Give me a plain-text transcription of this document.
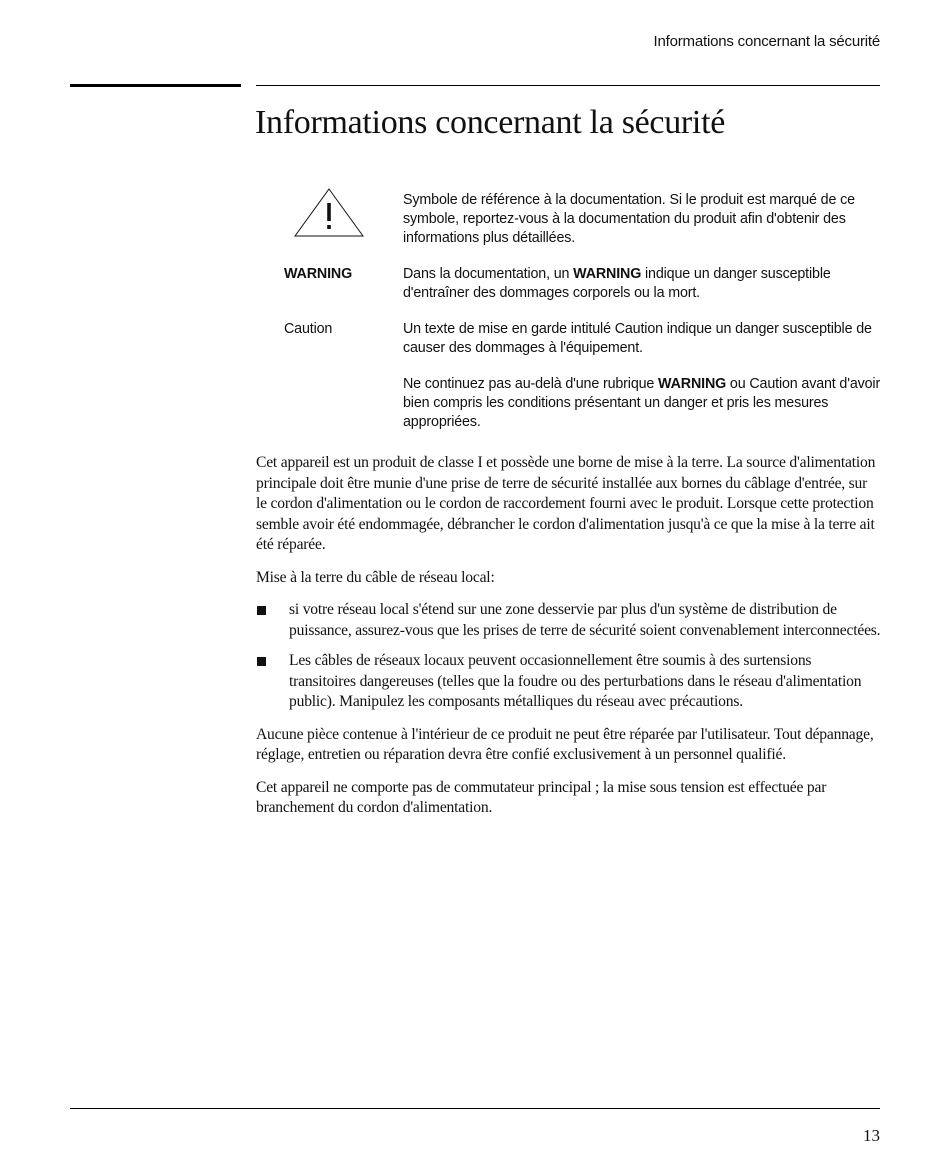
Informations concernant la sécurité
Informations concernant la sécurité
Symbole de référence à la documentation. Si le produit est marqué de ce symbole, reportez-vous à la documentation du produit afin d'obtenir des informations plus détaillées.
WARNING	Dans la documentation, un WARNING indique un danger susceptible d'entraîner des dommages corporels ou la mort.
Caution	Un texte de mise en garde intitulé Caution indique un danger susceptible de causer des dommages à l'équipement.
Ne continuez pas au-delà d'une rubrique WARNING ou Caution avant d'avoir bien compris les conditions présentant un danger et pris les mesures appropriées.

Cet appareil est un produit de classe I et possède une borne de mise à la terre. La source d'alimentation principale doit être munie d'une prise de terre de sécurité installée aux bornes du câblage d'entrée, sur le cordon d'alimentation ou le cordon de raccordement fourni avec le produit. Lorsque cette protection semble avoir été endommagée, débrancher le cordon d'alimentation jusqu'à ce que la mise à la terre ait été réparée.

Mise à la terre du câble de réseau local:

si votre réseau local s'étend sur une zone desservie par plus d'un système de distribution de puissance, assurez-vous que les prises de terre de sécurité soient convenablement interconnectées.
Les câbles de réseaux locaux peuvent occasionnellement être soumis à des surtensions transitoires dangereuses (telles que la foudre ou des perturbations dans le réseau d'alimentation public). Manipulez les composants métalliques du réseau avec précautions.

Aucune pièce contenue à l'intérieur de ce produit ne peut être réparée par l'utilisateur. Tout dépannage, réglage, entretien ou réparation devra être confié exclusivement à un personnel qualifié.

Cet appareil ne comporte pas de commutateur principal ; la mise sous tension est effectuée par branchement du cordon d'alimentation.

13
